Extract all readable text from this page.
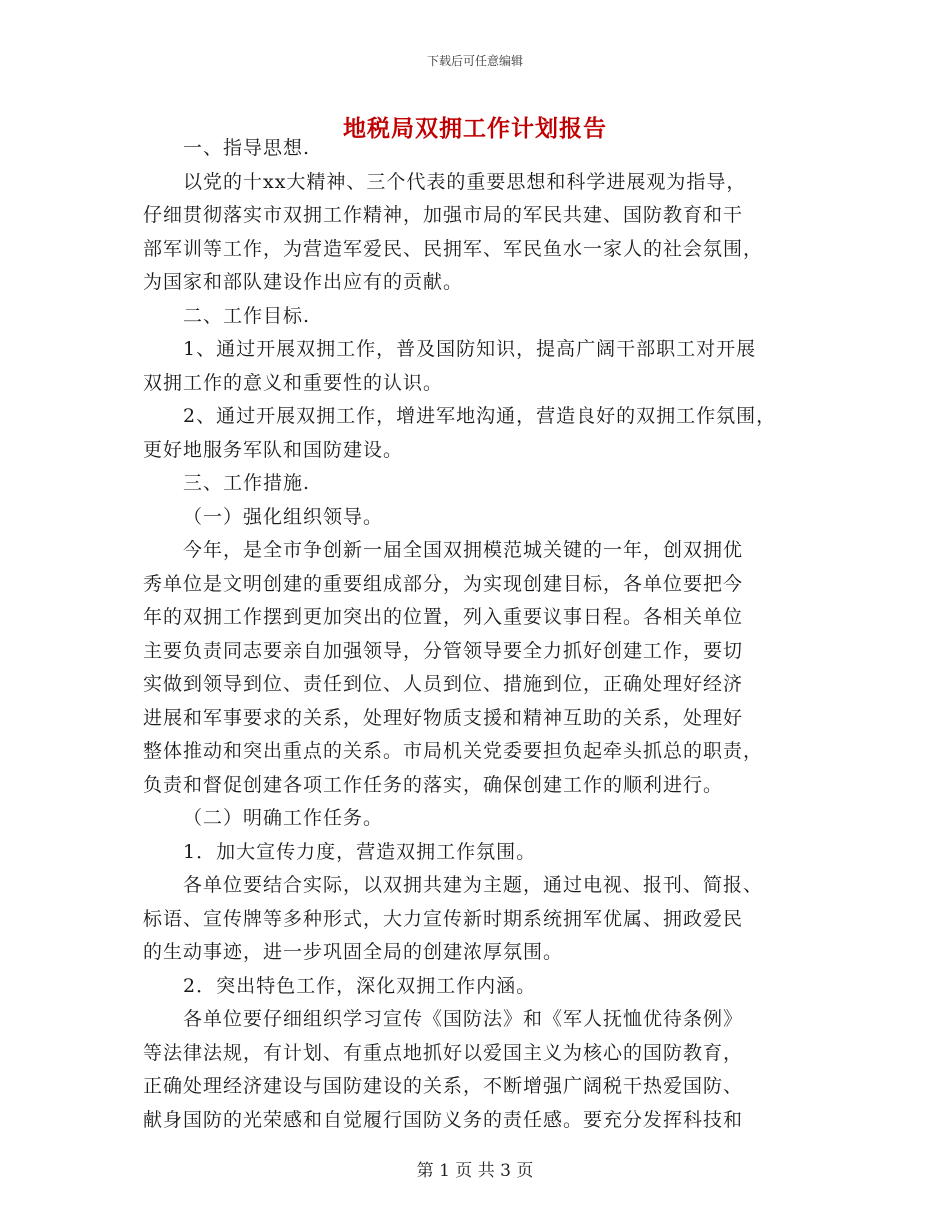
下载后可任意编辑
地税局双拥工作计划报告
一、指导思想.
以党的十xx大精神、三个代表的重要思想和科学进展观为指导，
仔细贯彻落实市双拥工作精神，加强市局的军民共建、国防教育和干
部军训等工作，为营造军爱民、民拥军、军民鱼水一家人的社会氛围，
为国家和部队建设作出应有的贡献。
二、工作目标.
1、通过开展双拥工作，普及国防知识，提高广阔干部职工对开展
双拥工作的意义和重要性的认识。
2、通过开展双拥工作，增进军地沟通，营造良好的双拥工作氛围，
更好地服务军队和国防建设。
三、工作措施.
（一）强化组织领导。
今年，是全市争创新一届全国双拥模范城关键的一年，创双拥优
秀单位是文明创建的重要组成部分，为实现创建目标，各单位要把今
年的双拥工作摆到更加突出的位置，列入重要议事日程。各相关单位
主要负责同志要亲自加强领导，分管领导要全力抓好创建工作，要切
实做到领导到位、责任到位、人员到位、措施到位，正确处理好经济
进展和军事要求的关系，处理好物质支援和精神互助的关系，处理好
整体推动和突出重点的关系。市局机关党委要担负起牵头抓总的职责，
负责和督促创建各项工作任务的落实，确保创建工作的顺利进行。
（二）明确工作任务。
1．加大宣传力度，营造双拥工作氛围。
各单位要结合实际，以双拥共建为主题，通过电视、报刊、简报、
标语、宣传牌等多种形式，大力宣传新时期系统拥军优属、拥政爱民
的生动事迹，进一步巩固全局的创建浓厚氛围。
2．突出特色工作，深化双拥工作内涵。
各单位要仔细组织学习宣传《国防法》和《军人抚恤优待条例》
等法律法规，有计划、有重点地抓好以爱国主义为核心的国防教育，
正确处理经济建设与国防建设的关系，不断增强广阔税干热爱国防、
献身国防的光荣感和自觉履行国防义务的责任感。要充分发挥科技和
第 1 页 共 3 页
